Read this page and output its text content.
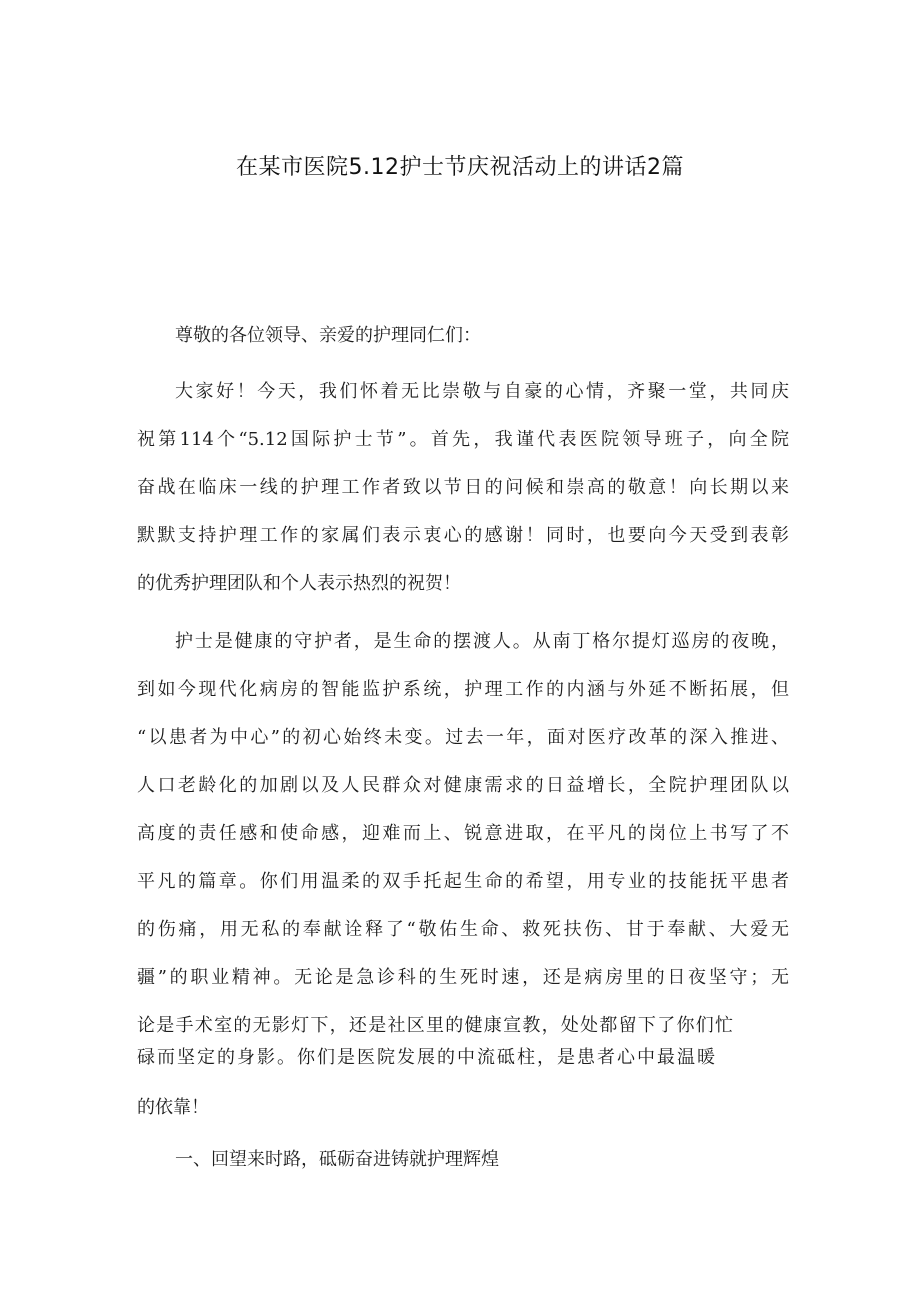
在某市医院5.12护士节庆祝活动上的讲话2篇
尊敬的各位领导、亲爱的护理同仁们：
大家好！今天，我们怀着无比崇敬与自豪的心情，齐聚一堂，共同庆
祝第114个“5.12国际护士节”。首先，我谨代表医院领导班子，向全院
奋战在临床一线的护理工作者致以节日的问候和崇高的敬意！向长期以来
默默支持护理工作的家属们表示衷心的感谢！同时，也要向今天受到表彰
的优秀护理团队和个人表示热烈的祝贺！
护士是健康的守护者，是生命的摆渡人。从南丁格尔提灯巡房的夜晚，
到如今现代化病房的智能监护系统，护理工作的内涵与外延不断拓展，但
“以患者为中心”的初心始终未变。过去一年，面对医疗改革的深入推进、
人口老龄化的加剧以及人民群众对健康需求的日益增长，全院护理团队以
高度的责任感和使命感，迎难而上、锐意进取，在平凡的岗位上书写了不
平凡的篇章。你们用温柔的双手托起生命的希望，用专业的技能抚平患者
的伤痛，用无私的奉献诠释了“敬佑生命、救死扶伤、甘于奉献、大爱无
疆”的职业精神。无论是急诊科的生死时速，还是病房里的日夜坚守；无
论是手术室的无影灯下，还是社区里的健康宣教，处处都留下了你们忙
碌而坚定的身影。你们是医院发展的中流砥柱，是患者心中最温暖
的依靠！
一、回望来时路，砥砺奋进铸就护理辉煌
